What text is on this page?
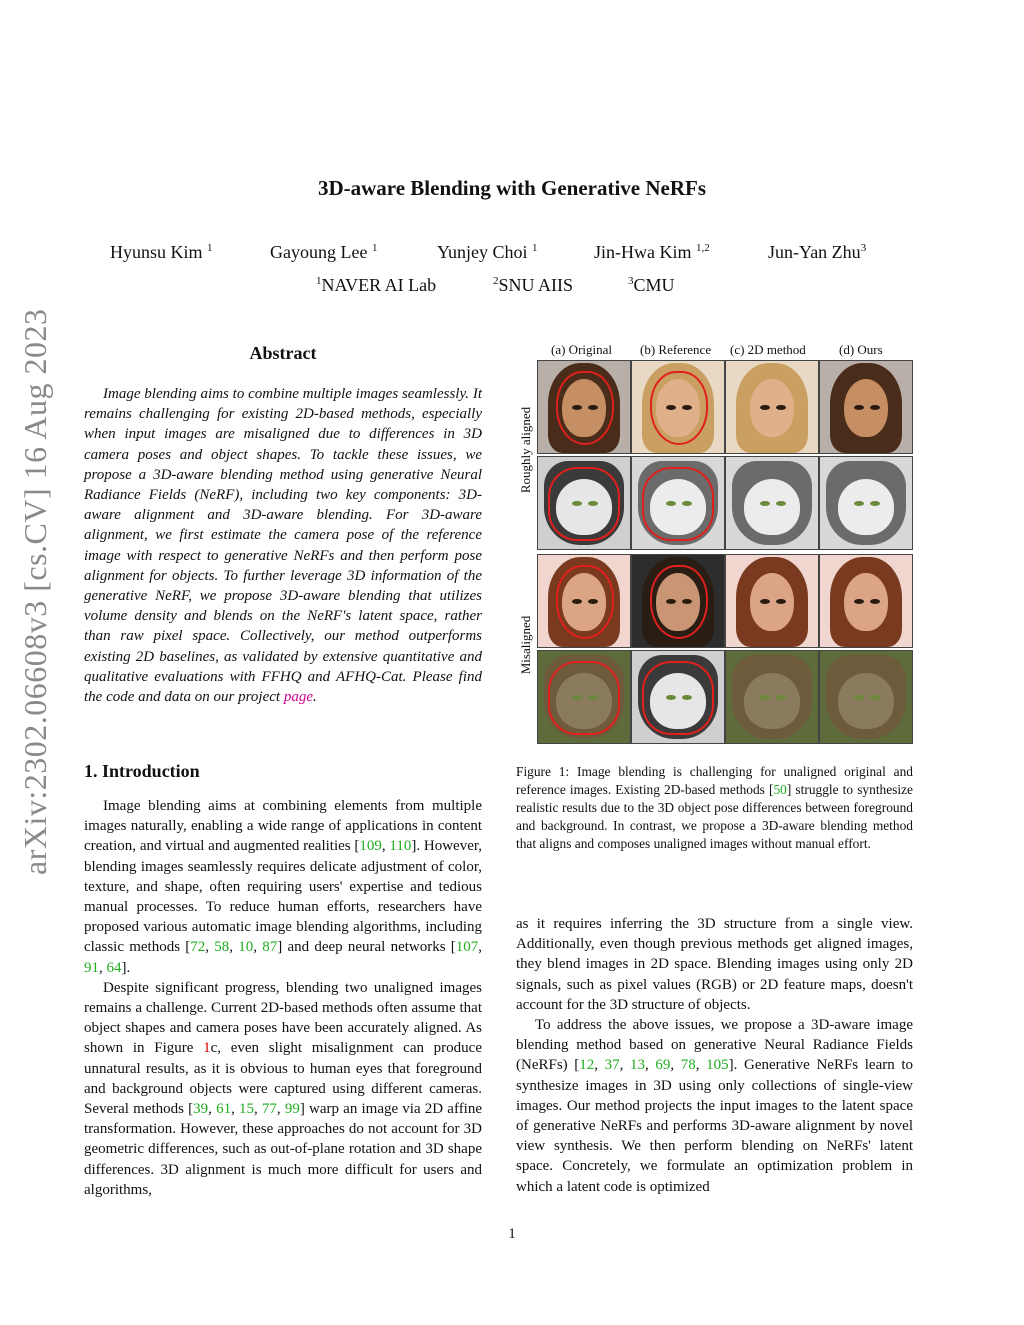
3D-aware Blending with Generative NeRFs
Hyunsu Kim $^1$	Gayoung Lee $^1$	Yunjey Choi $^1$	Jin-Hwa Kim $^{1,2}$	Jun-Yan Zhu$^3$
$^1$NAVER AI Lab	$^2$SNU AIIS	$^3$CMU
arXiv:2302.06608v3 [cs.CV] 16 Aug 2023	Abstract
Image blending aims to combine multiple images seamlessly. It remains challenging for existing 2D-based methods, especially when input images are misaligned due to differences in 3D camera poses and object shapes. To tackle these issues, we propose a 3D-aware blending method using generative Neural Radiance Fields (NeRF), including two key components: 3D-aware alignment and 3D-aware blending. For 3D-aware alignment, we first estimate the camera pose of the reference image with respect to generative NeRFs and then perform pose alignment for objects. To further leverage 3D information of the generative NeRF, we propose 3D-aware blending that utilizes volume density and blends on the NeRF's latent space, rather than raw pixel space. Collectively, our method outperforms existing 2D baselines, as validated by extensive quantitative and qualitative evaluations with FFHQ and AFHQ-Cat. Please find the code and data on our project page.
1. Introduction

Image blending aims at combining elements from multiple images naturally, enabling a wide range of applications in content creation, and virtual and augmented realities [109, 110]. However, blending images seamlessly requires delicate adjustment of color, texture, and shape, often requiring users' expertise and tedious manual processes. To reduce human efforts, researchers have proposed various automatic image blending algorithms, including classic methods [72, 58, 10, 87] and deep neural networks [107, 91, 64].

Despite significant progress, blending two unaligned images remains a challenge. Current 2D-based methods often assume that object shapes and camera poses have been accurately aligned. As shown in Figure 1c, even slight misalignment can produce unnatural results, as it is obvious to human eyes that foreground and background objects were captured using different cameras. Several methods [39, 61, 15, 77, 99] warp an image via 2D affine transformation. However, these approaches do not account for 3D geometric differences, such as out-of-plane rotation and 3D shape differences. 3D alignment is much more difficult for users and algorithms,

(a) Original (b) Reference (c) 2D method	(d) Ours
Roughly aligned
Misaligned
Figure 1: Image blending is challenging for unaligned original and reference images. Existing 2D-based methods [50] struggle to synthesize realistic results due to the 3D object pose differences between foreground and background. In contrast, we propose a 3D-aware blending method that aligns and composes unaligned images without manual effort.

as it requires inferring the 3D structure from a single view. Additionally, even though previous methods get aligned images, they blend images in 2D space. Blending images using only 2D signals, such as pixel values (RGB) or 2D feature maps, doesn't account for the 3D structure of objects.

To address the above issues, we propose a 3D-aware image blending method based on generative Neural Radiance Fields (NeRFs) [12, 37, 13, 69, 78, 105]. Generative NeRFs learn to synthesize images in 3D using only collections of single-view images. Our method projects the input images to the latent space of generative NeRFs and performs 3D-aware alignment by novel view synthesis. We then perform blending on NeRFs' latent space. Concretely, we formulate an optimization problem in which a latent code is optimized

1
